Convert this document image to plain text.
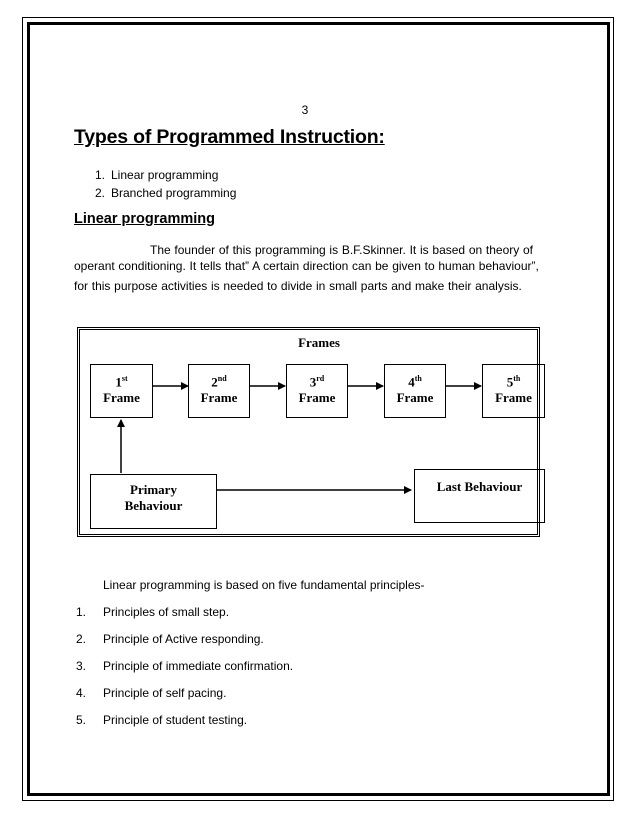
3
Types of Programmed Instruction:
1. Linear programming
2. Branched programming
Linear programming
The founder of this programming is B.F.Skinner. It is based on theory of
operant conditioning. It tells that” A certain direction can be given to human behaviour”,
for this purpose activities is needed to divide in small parts and make their analysis.
Frames
1st
Frame
2nd
Frame
3rd
Frame
4th
Frame
5th
Frame
Primary
Behaviour
Last Behaviour
Linear programming is based on five fundamental principles-
1. Principles of small step.
2. Principle of Active responding.
3. Principle of immediate confirmation.
4. Principle of self pacing.
5. Principle of student testing.
